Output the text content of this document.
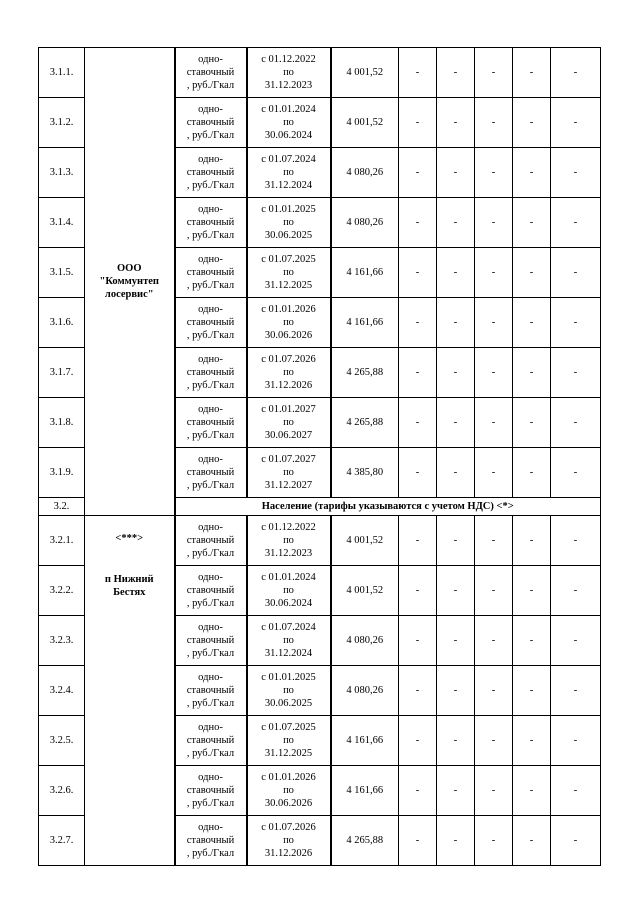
3.1.1.	ООО
"Коммунтеп
лосервис"	одно-
ставочный
, руб./Гкал	с 01.12.2022
по
31.12.2023	4 001,52	-	-	-	-	-
3.1.2.		одно-
ставочный
, руб./Гкал	с 01.01.2024
по
30.06.2024	4 001,52	-	-	-	-	-
3.1.3.		одно-
ставочный
, руб./Гкал	с 01.07.2024
по
31.12.2024	4 080,26	-	-	-	-	-
3.1.4.		одно-
ставочный
, руб./Гкал	с 01.01.2025
по
30.06.2025	4 080,26	-	-	-	-	-
3.1.5.		одно-
ставочный
, руб./Гкал	с 01.07.2025
по
31.12.2025	4 161,66	-	-	-	-	-
3.1.6.		одно-
ставочный
, руб./Гкал	с 01.01.2026
по
30.06.2026	4 161,66	-	-	-	-	-
3.1.7.		одно-
ставочный
, руб./Гкал	с 01.07.2026
по
31.12.2026	4 265,88	-	-	-	-	-
3.1.8.		одно-
ставочный
, руб./Гкал	с 01.01.2027
по
30.06.2027	4 265,88	-	-	-	-	-
3.1.9.		одно-
ставочный
, руб./Гкал	с 01.07.2027
по
31.12.2027	4 385,80	-	-	-	-	-
3.2.		Население (тарифы указываются с учетом НДС) <*>							
3.2.1.	<***>
п Нижний
Бестях	одно-
ставочный
, руб./Гкал	с 01.12.2022
по
31.12.2023	4 001,52	-	-	-	-	-
3.2.2.		одно-
ставочный
, руб./Гкал	с 01.01.2024
по
30.06.2024	4 001,52	-	-	-	-	-
3.2.3.		одно-
ставочный
, руб./Гкал	с 01.07.2024
по
31.12.2024	4 080,26	-	-	-	-	-
3.2.4.		одно-
ставочный
, руб./Гкал	с 01.01.2025
по
30.06.2025	4 080,26	-	-	-	-	-
3.2.5.		одно-
ставочный
, руб./Гкал	с 01.07.2025
по
31.12.2025	4 161,66	-	-	-	-	-
3.2.6.		одно-
ставочный
, руб./Гкал	с 01.01.2026
по
30.06.2026	4 161,66	-	-	-	-	-
3.2.7.		одно-
ставочный
, руб./Гкал	с 01.07.2026
по
31.12.2026	4 265,88	-	-	-	-	-
